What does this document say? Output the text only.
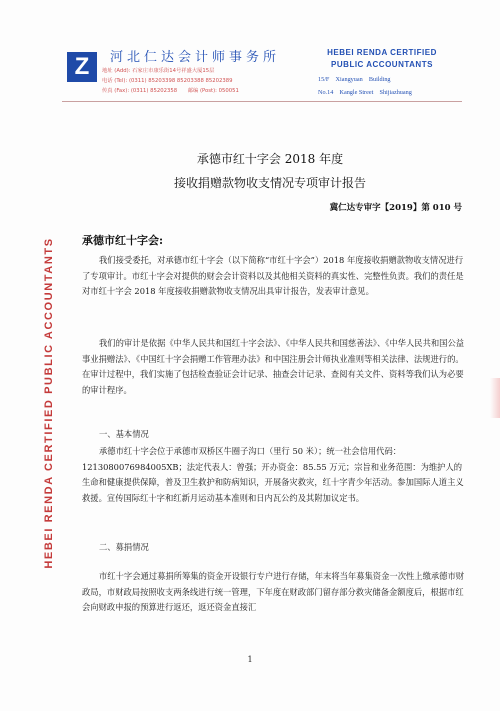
HEBEI RENDA CERTIFIED PUBLIC ACCOUNTANTS
Z 河北仁达会计师事务所
地址 (Add): 石家庄市康乐街14号祥盛大厦15层
电话 (Tel): (0311) 85203398 85203388 85202389
传真 (Fax): (0311) 85202358　　邮编 (Post): 050051
HEBEI RENDA CERTIFIED
PUBLIC ACCOUNTANTS
15/F　Xiangyuan　Building
No.14　Kangle Street　Shijiazhuang
承德市红十字会 2018 年度
接收捐赠款物收支情况专项审计报告
冀仁达专审字【2019】第 010 号
承德市红十字会:
我们接受委托，对承德市红十字会（以下简称“市红十字会”）2018 年度接收捐赠款物收支情况进行了专项审计。市红十字会对提供的财会会计资料以及其他相关资料的真实性、完整性负责。我们的责任是对市红十字会 2018 年度接收捐赠款物收支情况出具审计报告，发表审计意见。
我们的审计是依据《中华人民共和国红十字会法》、《中华人民共和国慈善法》、《中华人民共和国公益事业捐赠法》、《中国红十字会捐赠工作管理办法》和中国注册会计师执业准则等相关法律、法规进行的。在审计过程中，我们实施了包括检查验证会计记录、抽查会计记录、查阅有关文件、资料等我们认为必要的审计程序。
一、基本情况
承德市红十字会位于承德市双桥区牛圈子沟口（里行 50 米）；统一社会信用代码：12130800769840​05XB；法定代表人：曾强；开办资金：85.55 万元；宗旨和业务范围：为维护人的生命和健康提供保障，普及卫生救护和防病知识，开展备灾救灾，红十字青少年活动。参加国际人道主义救援。宣传国际红十字和红新月运动基本准则和日内瓦公约及其附加议定书。
二、募捐情况
市红十字会通过募捐所筹集的资金开设银行专户进行存储，年末将当年募集资金一次性上缴承德市财政局，市财政局按照收支两条线进行统一管理，下年度在财政部门留存部分救灾储备金额度后，根据市红会向财政申报的预算进行返还，返还资金直接汇
1
